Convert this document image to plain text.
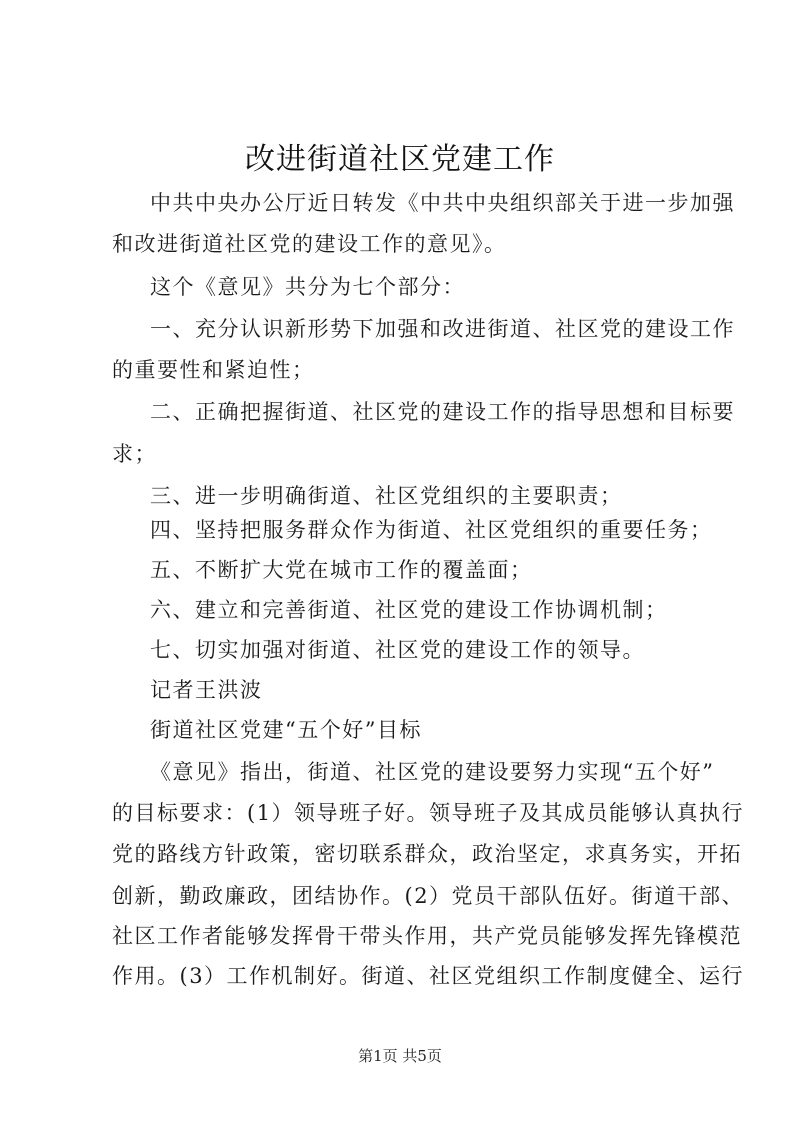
改进街道社区党建工作
中共中央办公厅近日转发《中共中央组织部关于进一步加强
和改进街道社区党的建设工作的意见》。
这个《意见》共分为七个部分：
一、充分认识新形势下加强和改进街道、社区党的建设工作
的重要性和紧迫性；
二、正确把握街道、社区党的建设工作的指导思想和目标要
求；
三、进一步明确街道、社区党组织的主要职责；
四、坚持把服务群众作为街道、社区党组织的重要任务；
五、不断扩大党在城市工作的覆盖面；
六、建立和完善街道、社区党的建设工作协调机制；
七、切实加强对街道、社区党的建设工作的领导。
记者王洪波
街道社区党建“五个好”目标
《意见》指出，街道、社区党的建设要努力实现“五个好”
的目标要求：(1）领导班子好。领导班子及其成员能够认真执行
党的路线方针政策，密切联系群众，政治坚定，求真务实，开拓
创新，勤政廉政，团结协作。(2）党员干部队伍好。街道干部、
社区工作者能够发挥骨干带头作用，共产党员能够发挥先锋模范
作用。(3）工作机制好。街道、社区党组织工作制度健全、运行
第1页 共5页
